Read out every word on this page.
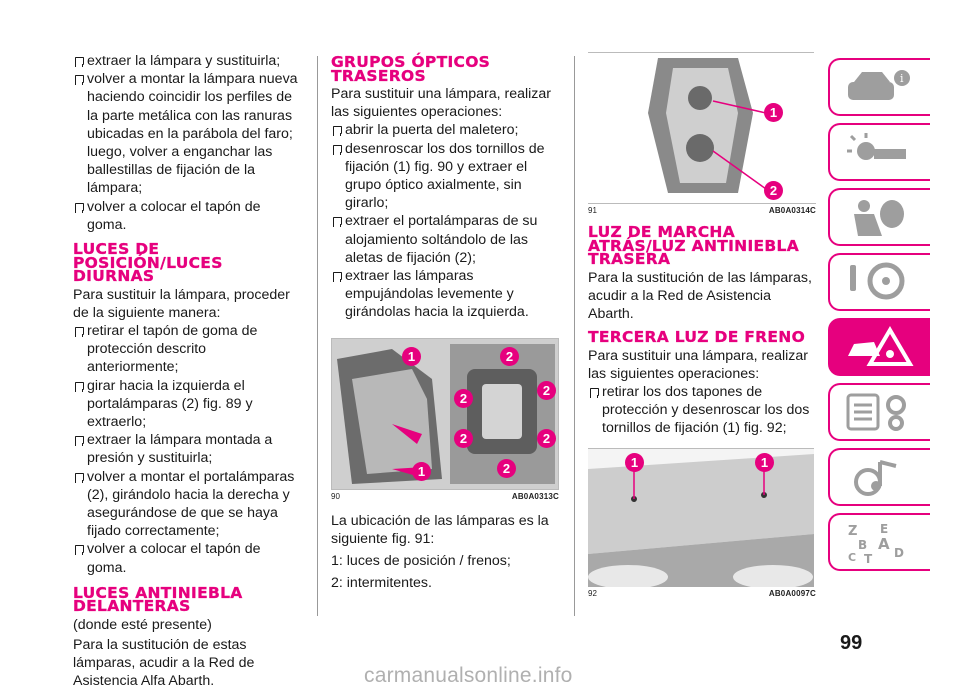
extraer la lámpara y sustituirla;

volver a montar la lámpara nueva haciendo coincidir los perfiles de la parte metálica con las ranuras ubicadas en la parábola del faro; luego, volver a enganchar las ballestillas de fijación de la lámpara;

volver a colocar el tapón de goma.

LUCES DE POSICIÓN/LUCES DIURNAS

Para sustituir la lámpara, proceder de la siguiente manera:

retirar el tapón de goma de protección descrito anteriormente;

girar hacia la izquierda el portalámparas (2) fig. 89 y extraerlo;

extraer la lámpara montada a presión y sustituirla;

volver a montar el portalámparas (2), girándolo hacia la derecha y asegurándose de que se haya fijado correctamente;

volver a colocar el tapón de goma.

LUCES ANTINIEBLA DELANTERAS

(donde esté presente)

Para la sustitución de estas lámparas, acudir a la Red de Asistencia Alfa Abarth.

GRUPOS ÓPTICOS TRASEROS

Para sustituir una lámpara, realizar las siguientes operaciones:

abrir la puerta del maletero;

desenroscar los dos tornillos de fijación (1) fig. 90 y extraer el grupo óptico axialmente, sin girarlo;

extraer el portalámparas de su alojamiento soltándolo de las aletas de fijación (2);

extraer las lámparas empujándolas levemente y girándolas hacia la izquierda.

1
1
2
2
2
2	2
2
90	AB0A0313C

La ubicación de las lámparas es la siguiente fig. 91:

1: luces de posición / frenos;

2: intermitentes.

1
2
91	AB0A0314C
LUZ DE MARCHA ATRÁS/LUZ ANTINIEBLA TRASERA

Para la sustitución de las lámparas, acudir a la Red de Asistencia Abarth.

TERCERA LUZ DE FRENO

Para sustituir una lámpara, realizar las siguientes operaciones:

retirar los dos tapones de protección y desenroscar los dos tornillos de fijación (1) fig. 92;

1	1
92	AB0A0097C
i
Z E
B A
C T D
99
carmanualsonline.info
